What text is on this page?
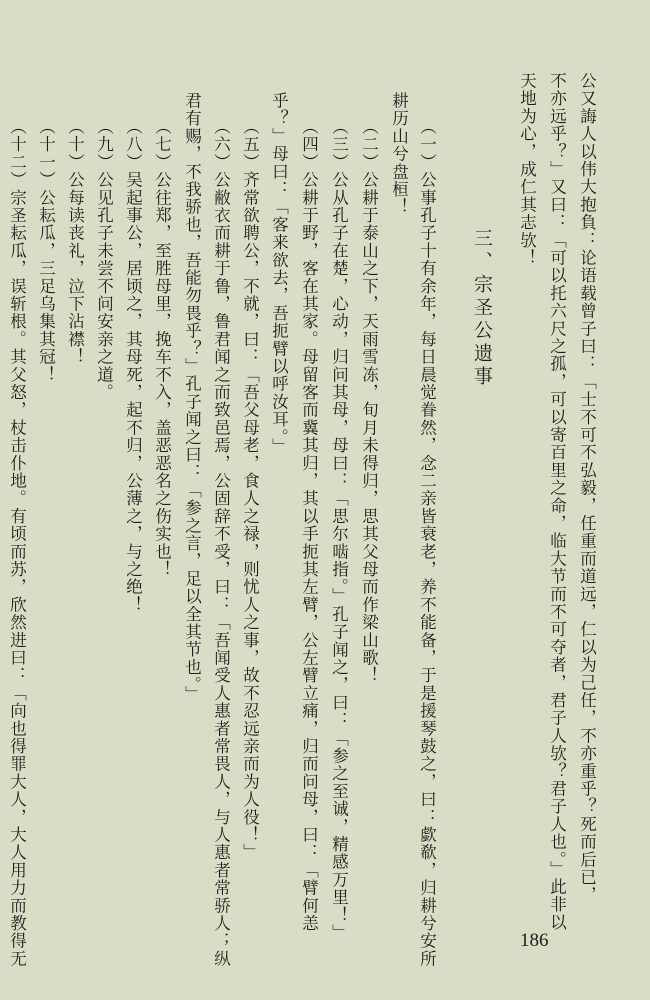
公又誨人以伟大抱負：论语载曾子曰：「士不可不弘毅，任重而道远，仁以为己任，不亦重乎？死而后已，
不亦远乎？」又曰：「可以托六尺之孤，可以寄百里之命，临大节而不可夺者，君子人欤？君子人也。」此非以
天地为心，成仁其志欤！
三、宗圣公遗事
（一）公事孔子十有余年，每日晨觉眷然，念二亲皆衰老，养不能备，于是援琴鼓之，曰：歔欷，归耕兮安所
耕历山兮盘桓！
（二）公耕于泰山之下，天雨雪冻，旬月未得归，思其父母而作梁山歌！
（三）公从孔子在楚，心动，归问其母，母曰：「思尔啮指。」孔子闻之，曰：「参之至诚，精感万里！」
（四）公耕于野，客在其家。母留客而冀其归，其以手扼其左臂，公左臂立痛，归而问母，曰：「臂何恙
乎？」母曰：「客来欲去，吾扼臂以呼汝耳。」
（五）齐常欲聘公，不就，曰：「吾父母老，食人之禄，则忧人之事，故不忍远亲而为人役！」
（六）公敝衣而耕于鲁，鲁君闻之而致邑焉，公固辞不受，曰：「吾闻受人惠者常畏人，与人惠者常骄人；纵
君有赐，不我骄也，吾能勿畏乎？」孔子闻之曰：「参之言，足以全其节也。」
（七）公往郑，至胜母里，挽车不入，盖恶恶名之伤实也！
（八）吴起事公，居顷之，其母死，起不归，公薄之，与之绝！
（九）公见孔子未尝不问安亲之道。
（十）公每读丧礼，泣下沾襟！
（十一）公耘瓜，三足乌集其冠！
（十二）宗圣耘瓜，误斩根。其父怒，杖击仆地。有顷而苏，欣然进曰：「向也得罪大人，大人用力而教得无	186
